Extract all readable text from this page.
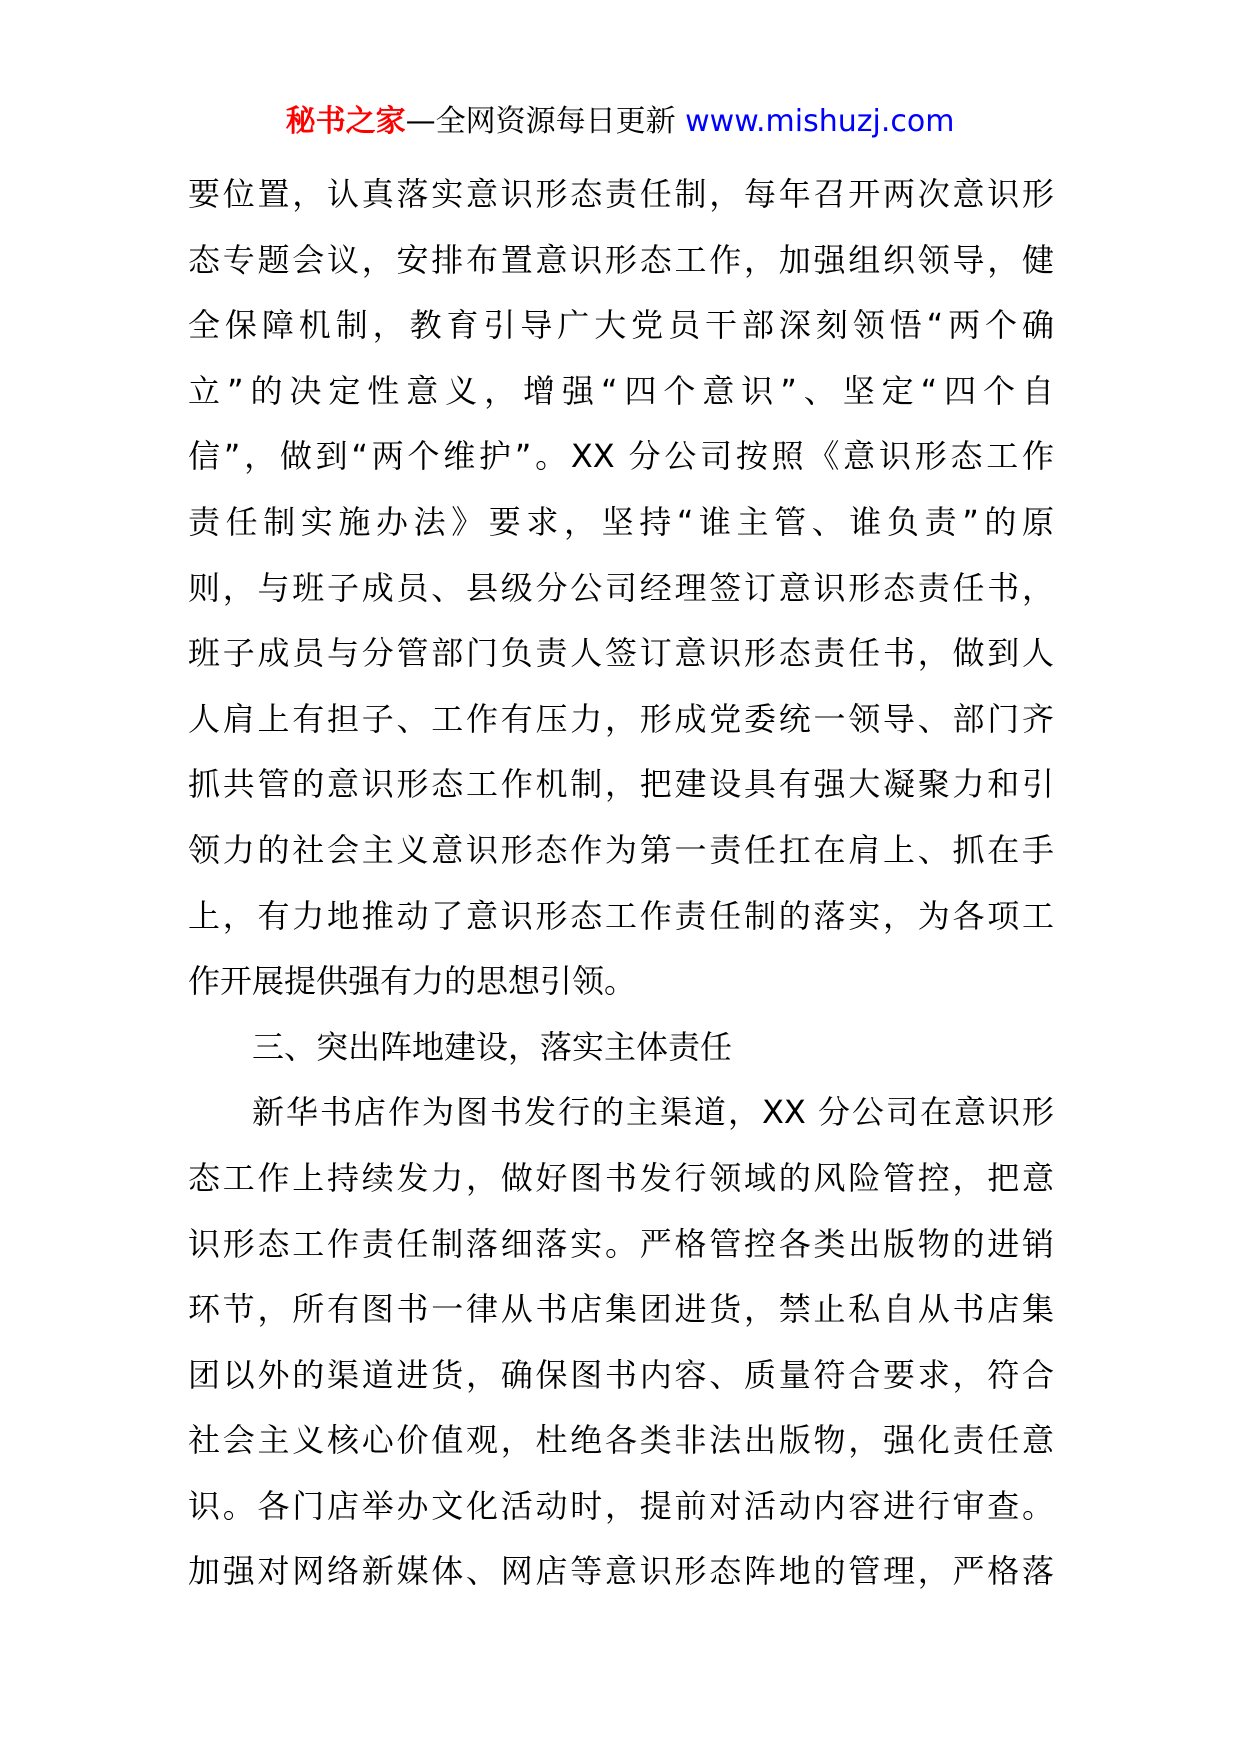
秘书之家—全网资源每日更新 www.mishuzj.com
要位置，认真落实意识形态责任制，每年召开两次意识形
态专题会议，安排布置意识形态工作，加强组织领导，健
全保障机制，教育引导广大党员干部深刻领悟“两个确
立”的决定性意义，增强“四个意识”、坚定“四个自
信”，做到“两个维护”。XX 分公司按照《意识形态工作
责任制实施办法》要求，坚持“谁主管、谁负责”的原
则，与班子成员、县级分公司经理签订意识形态责任书，
班子成员与分管部门负责人签订意识形态责任书，做到人
人肩上有担子、工作有压力，形成党委统一领导、部门齐
抓共管的意识形态工作机制，把建设具有强大凝聚力和引
领力的社会主义意识形态作为第一责任扛在肩上、抓在手
上，有力地推动了意识形态工作责任制的落实，为各项工
作开展提供强有力的思想引领。
三、突出阵地建设，落实主体责任
新华书店作为图书发行的主渠道，XX 分公司在意识形
态工作上持续发力，做好图书发行领域的风险管控，把意
识形态工作责任制落细落实。严格管控各类出版物的进销
环节，所有图书一律从书店集团进货，禁止私自从书店集
团以外的渠道进货，确保图书内容、质量符合要求，符合
社会主义核心价值观，杜绝各类非法出版物，强化责任意
识。各门店举办文化活动时，提前对活动内容进行审查。
加强对网络新媒体、网店等意识形态阵地的管理，严格落
